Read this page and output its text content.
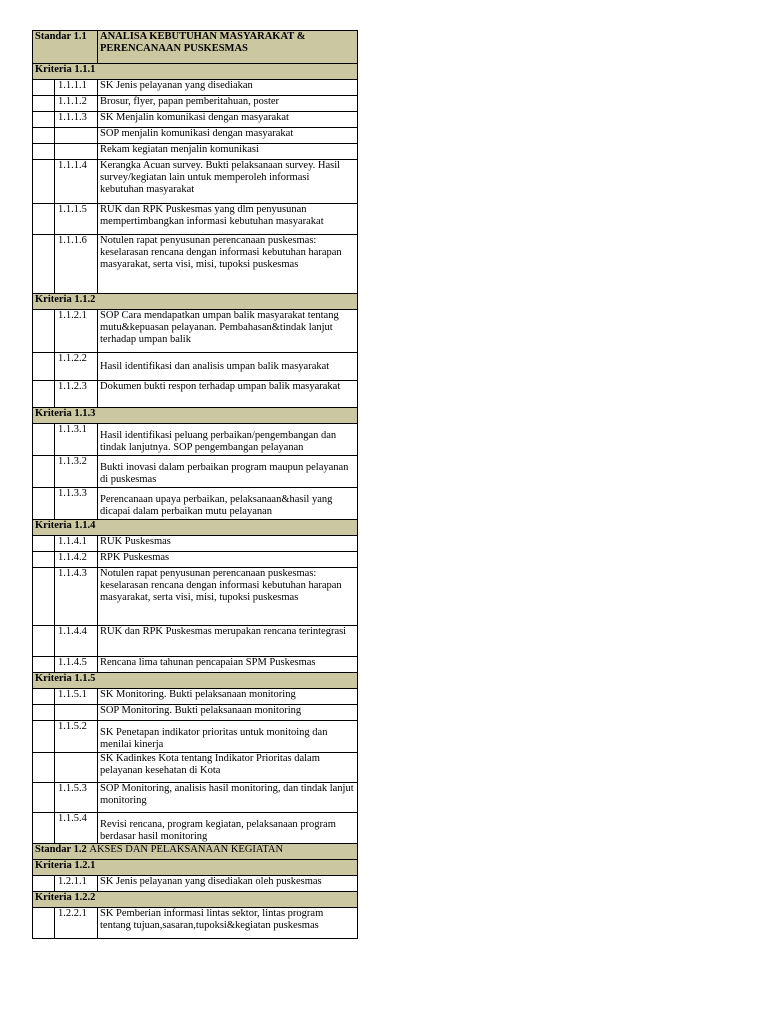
Standar 1.1		ANALISA KEBUTUHAN MASYARAKAT & PERENCANAAN PUSKESMAS
Kriteria 1.1.1		
	1.1.1.1	SK Jenis pelayanan yang disediakan
	1.1.1.2	Brosur, flyer, papan pemberitahuan, poster
	1.1.1.3	SK Menjalin komunikasi dengan masyarakat
		SOP menjalin komunikasi dengan masyarakat
		Rekam kegiatan menjalin komunikasi
	1.1.1.4	Kerangka Acuan survey. Bukti pelaksanaan survey. Hasil survey/kegiatan lain untuk memperoleh informasi kebutuhan masyarakat
	1.1.1.5	RUK dan RPK Puskesmas yang dlm penyusunan mempertimbangkan informasi kebutuhan masyarakat
	1.1.1.6	Notulen rapat penyusunan perencanaan puskesmas: keselarasan rencana dengan informasi kebutuhan harapan masyarakat, serta visi, misi, tupoksi puskesmas
Kriteria 1.1.2		
	1.1.2.1	SOP Cara mendapatkan umpan balik masyarakat tentang mutu&kepuasan pelayanan. Pembahasan&tindak lanjut terhadap umpan balik
	1.1.2.2	Hasil identifikasi dan analisis umpan balik masyarakat
	1.1.2.3	Dokumen bukti respon terhadap umpan balik masyarakat
Kriteria 1.1.3		
	1.1.3.1	Hasil identifikasi peluang perbaikan/pengembangan dan tindak lanjutnya. SOP pengembangan pelayanan
	1.1.3.2	Bukti inovasi dalam perbaikan program maupun pelayanan di puskesmas
	1.1.3.3	Perencanaan upaya perbaikan, pelaksanaan&hasil yang dicapai dalam perbaikan mutu pelayanan
Kriteria 1.1.4		
	1.1.4.1	RUK Puskesmas
	1.1.4.2	RPK Puskesmas
	1.1.4.3	Notulen rapat penyusunan perencanaan puskesmas: keselarasan rencana dengan informasi kebutuhan harapan masyarakat, serta visi, misi, tupoksi puskesmas
	1.1.4.4	RUK dan RPK Puskesmas merupakan rencana terintegrasi
	1.1.4.5	Rencana lima tahunan pencapaian SPM Puskesmas
Kriteria 1.1.5		
	1.1.5.1	SK Monitoring. Bukti pelaksanaan monitoring
		SOP Monitoring. Bukti pelaksanaan monitoring
	1.1.5.2	SK Penetapan indikator prioritas untuk monitoing dan menilai kinerja
		SK Kadinkes Kota tentang Indikator Prioritas dalam pelayanan kesehatan di Kota
	1.1.5.3	SOP Monitoring, analisis hasil monitoring, dan tindak lanjut monitoring
	1.1.5.4	Revisi rencana, program kegiatan, pelaksanaan program berdasar hasil monitoring
Standar 1.2 AKSES DAN PELAKSANAAN KEGIATAN		
Kriteria 1.2.1		
	1.2.1.1	SK Jenis pelayanan yang disediakan oleh puskesmas
Kriteria 1.2.2		
	1.2.2.1	SK Pemberian informasi lintas sektor, lintas program tentang tujuan,sasaran,tupoksi&kegiatan puskesmas
